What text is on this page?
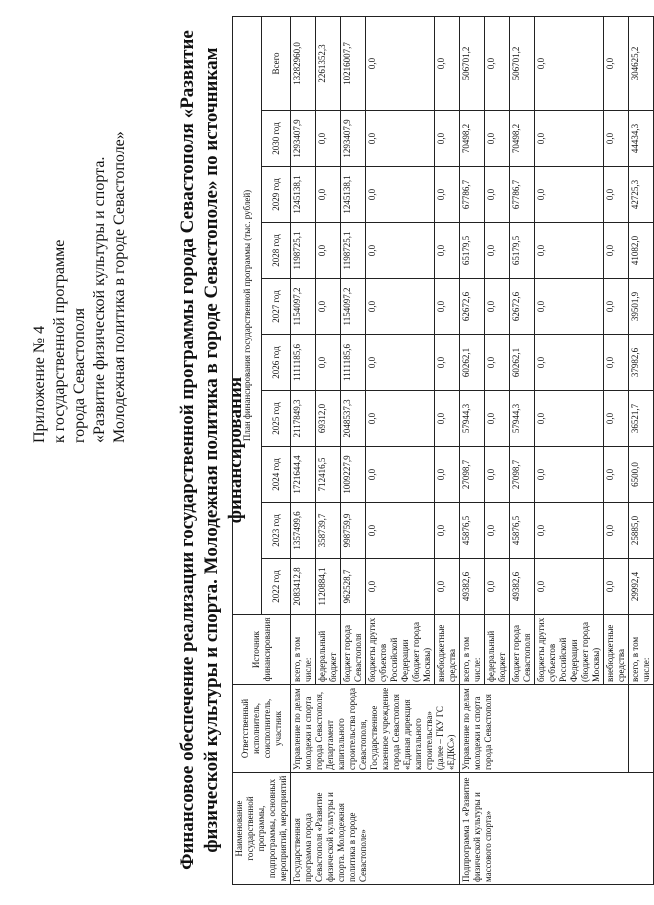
Приложение № 4 к государственной программе города Севастополя «Развитие физической культуры и спорта. Молодежная политика в городе Севастополе»	Финансовое обеспечение реализации государственной программы города Севастополя «Развитие физической культуры и спорта. Молодежная политика в городе Севастополе» по источникам финансирования
Наименование государственной программы, подпрограммы, основных мероприятий, мероприятий	Ответственный исполнитель, соисполнитель, участник	Источник финансирования	План финансирования государственной программы (тыс. рублей)									
			2022 год	2023 год	2024 год	2025 год	2026 год	2027 год	2028 год	2029 год	2030 год	Всего
Государственная программа города Севастополя «Развитие физической культуры и спорта. Молодежная политика в городе Севастополе»	Управление по делам молодежи и спорта города Севастополя, Департамент капитального строительства города Севастополя, Государственное казенное учреждение города Севастополя «Единая дирекция капитального строительства» (далее – ГКУ ГС «ЕДКС»)	всего, в том числе:	2083412,8	1357499,6	1721644,4	2117849,3	1111185,6	1154097,2	1198725,1	1245138,1	1293407,9	13282960,0
		федеральный бюджет	1120884,1	358739,7	712416,5	69312,0	0,0	0,0	0,0	0,0	0,0	2261352,3
		бюджет города Севастополя	962528,7	998759,9	1009227,9	2048537,3	1111185,6	1154097,2	1198725,1	1245138,1	1293407,9	10216007,7
		бюджеты других субъектов Российской Федерации (бюджет города Москвы)	0,0	0,0	0,0	0,0	0,0	0,0	0,0	0,0	0,0	0,0
		внебюджетные средства	0,0	0,0	0,0	0,0	0,0	0,0	0,0	0,0	0,0	0,0
Подпрограмма 1 «Развитие физической культуры и массового спорта»	Управление по делам молодежи и спорта города Севастополя	всего, в том числе:	49382,6	45876,5	27098,7	57944,3	60262,1	62672,6	65179,5	67786,7	70498,2	506701,2
		федеральный бюджет	0,0	0,0	0,0	0,0	0,0	0,0	0,0	0,0	0,0	0,0
		бюджет города Севастополя	49382,6	45876,5	27098,7	57944,3	60262,1	62672,6	65179,5	67786,7	70498,2	506701,2
		бюджеты других субъектов Российской Федерации (бюджет города Москвы)	0,0	0,0	0,0	0,0	0,0	0,0	0,0	0,0	0,0	0,0
		внебюджетные средства	0,0	0,0	0,0	0,0	0,0	0,0	0,0	0,0	0,0	0,0
		всего, в том числе:	29992,4	25885,0	6500,0	36521,7	37982,6	39501,9	41082,0	42725,3	44434,3	304625,2
